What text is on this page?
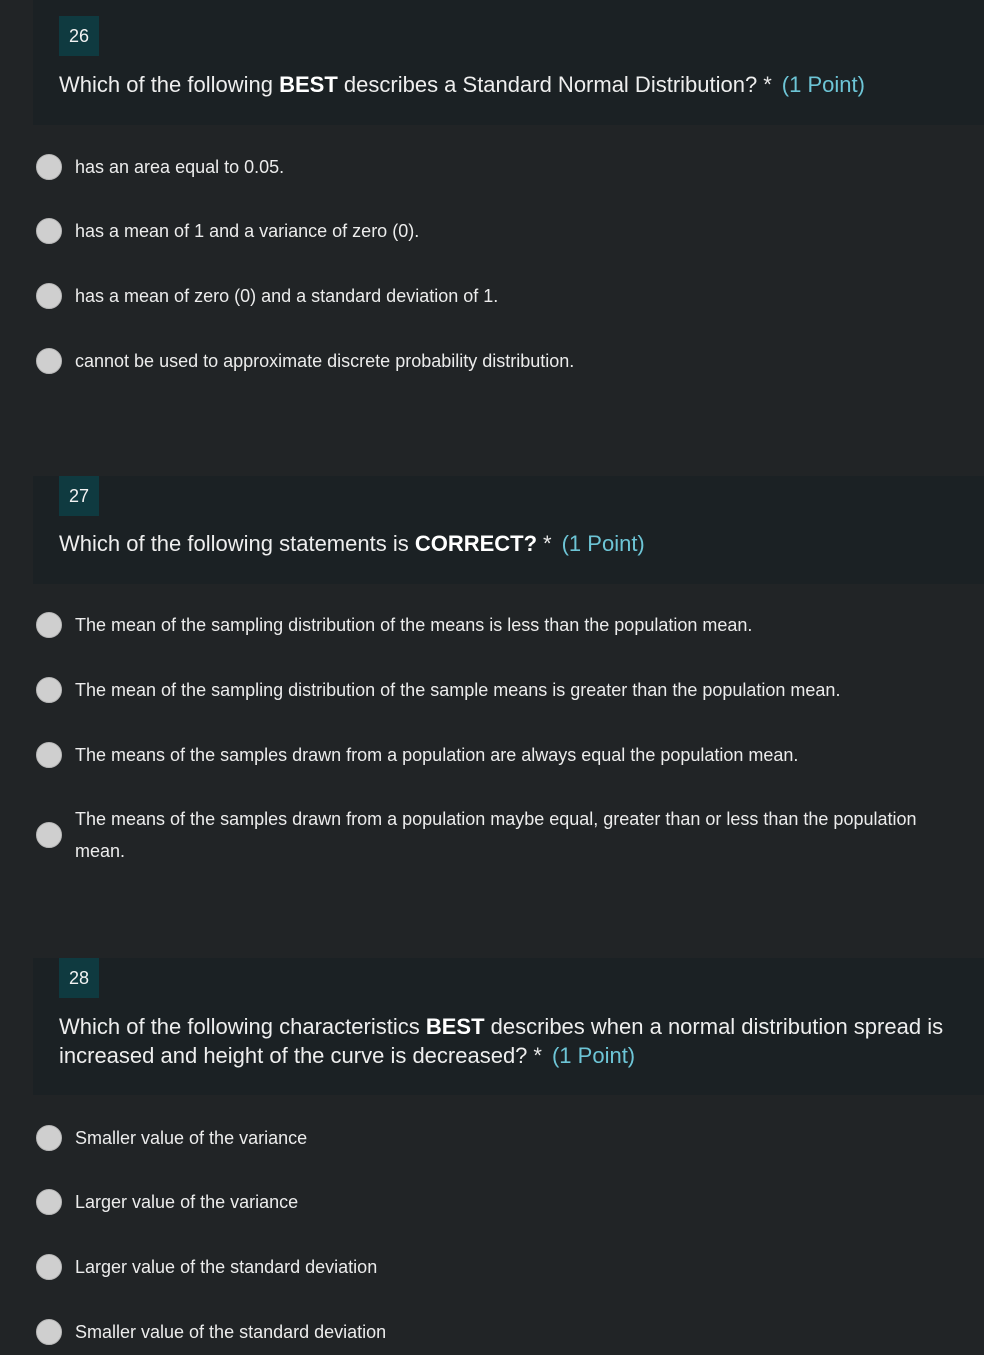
26
Which of the following BEST describes a Standard Normal Distribution? * (1 Point)
has an area equal to 0.05.
has a mean of 1 and a variance of zero (0).
has a mean of zero (0) and a standard deviation of 1.
cannot be used to approximate discrete probability distribution.
27
Which of the following statements is CORRECT? * (1 Point)
The mean of the sampling distribution of the means is less than the population mean.
The mean of the sampling distribution of the sample means is greater than the population mean.
The means of the samples drawn from a population are always equal the population mean.
The means of the samples drawn from a population maybe equal, greater than or less than the population mean.
28
Which of the following characteristics BEST describes when a normal distribution spread is increased and height of the curve is decreased? * (1 Point)
Smaller value of the variance
Larger value of the variance
Larger value of the standard deviation
Smaller value of the standard deviation
